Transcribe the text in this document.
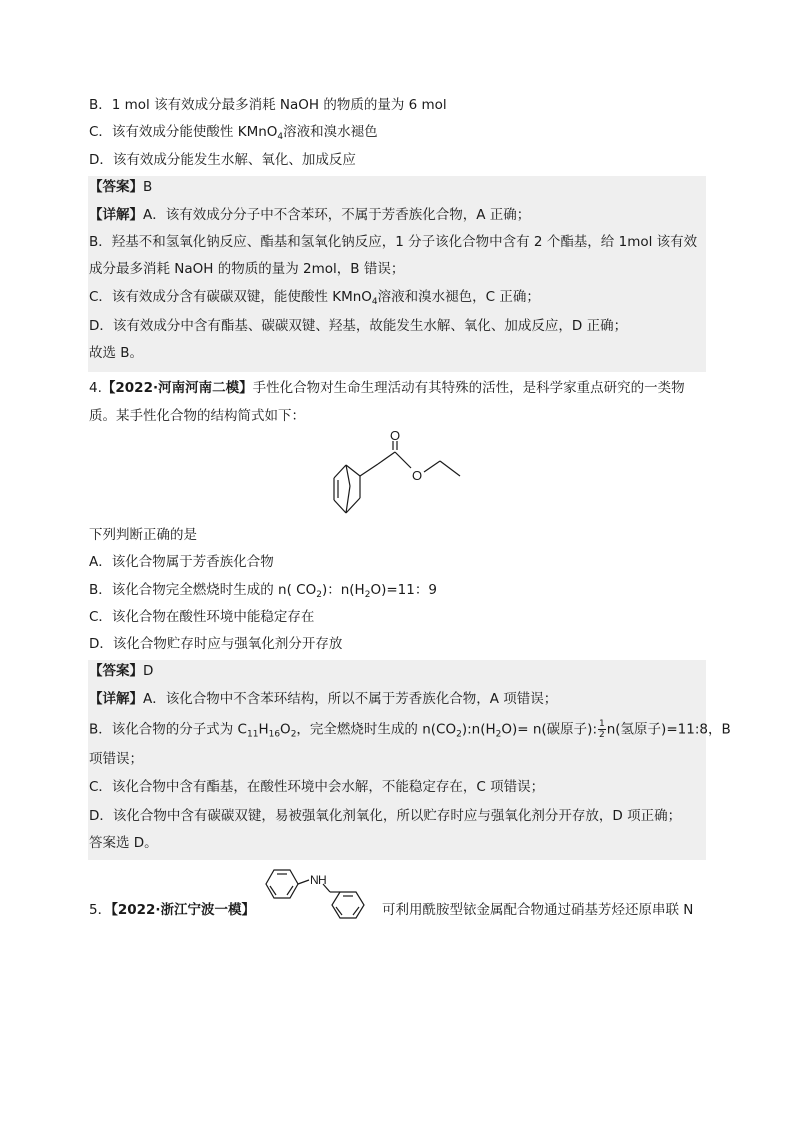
B．1 mol 该有效成分最多消耗 NaOH 的物质的量为 6 mol
C．该有效成分能使酸性 KMnO$_4$溶液和溴水褪色
D．该有效成分能发生水解、氧化、加成反应
【答案】B
【详解】A．该有效成分分子中不含苯环，不属于芳香族化合物，A 正确；
B．羟基不和氢氧化钠反应、酯基和氢氧化钠反应，1 分子该化合物中含有 2 个酯基，给 1mol 该有效
成分最多消耗 NaOH 的物质的量为 2mol，B 错误；
C．该有效成分含有碳碳双键，能使酸性 KMnO$_4$溶液和溴水褪色，C 正确；
D．该有效成分中含有酯基、碳碳双键、羟基，故能发生水解、氧化、加成反应，D 正确；
故选 B。
4.【2022·河南河南二模】手性化合物对生命生理活动有其特殊的活性，是科学家重点研究的一类物
质。某手性化合物的结构简式如下：
O
O
下列判断正确的是
A．该化合物属于芳香族化合物
B．该化合物完全燃烧时生成的 n( $CO_2$)：$n(H_2O)=11$：9
C．该化合物在酸性环境中能稳定存在
D．该化合物贮存时应与强氧化剂分开存放
【答案】D
【详解】A．该化合物中不含苯环结构，所以不属于芳香族化合物，A 项错误；
B．该化合物的分子式为 $C_{11}H_{16}O_2$，完全燃烧时生成的 $n(CO_2):n(H_2O)= n$(碳原子): $\frac{1}{2} n$(氢原子)=11:8，B
项错误；
C．该化合物中含有酯基，在酸性环境中会水解，不能稳定存在，C 项错误；
D．该化合物中含有碳碳双键，易被强氧化剂氧化，所以贮存时应与强氧化剂分开存放，D 项正确；
答案选 D。
5．【2022·浙江宁波一模】
N H
可利用酰胺型铱金属配合物通过硝基芳烃还原串联 N
